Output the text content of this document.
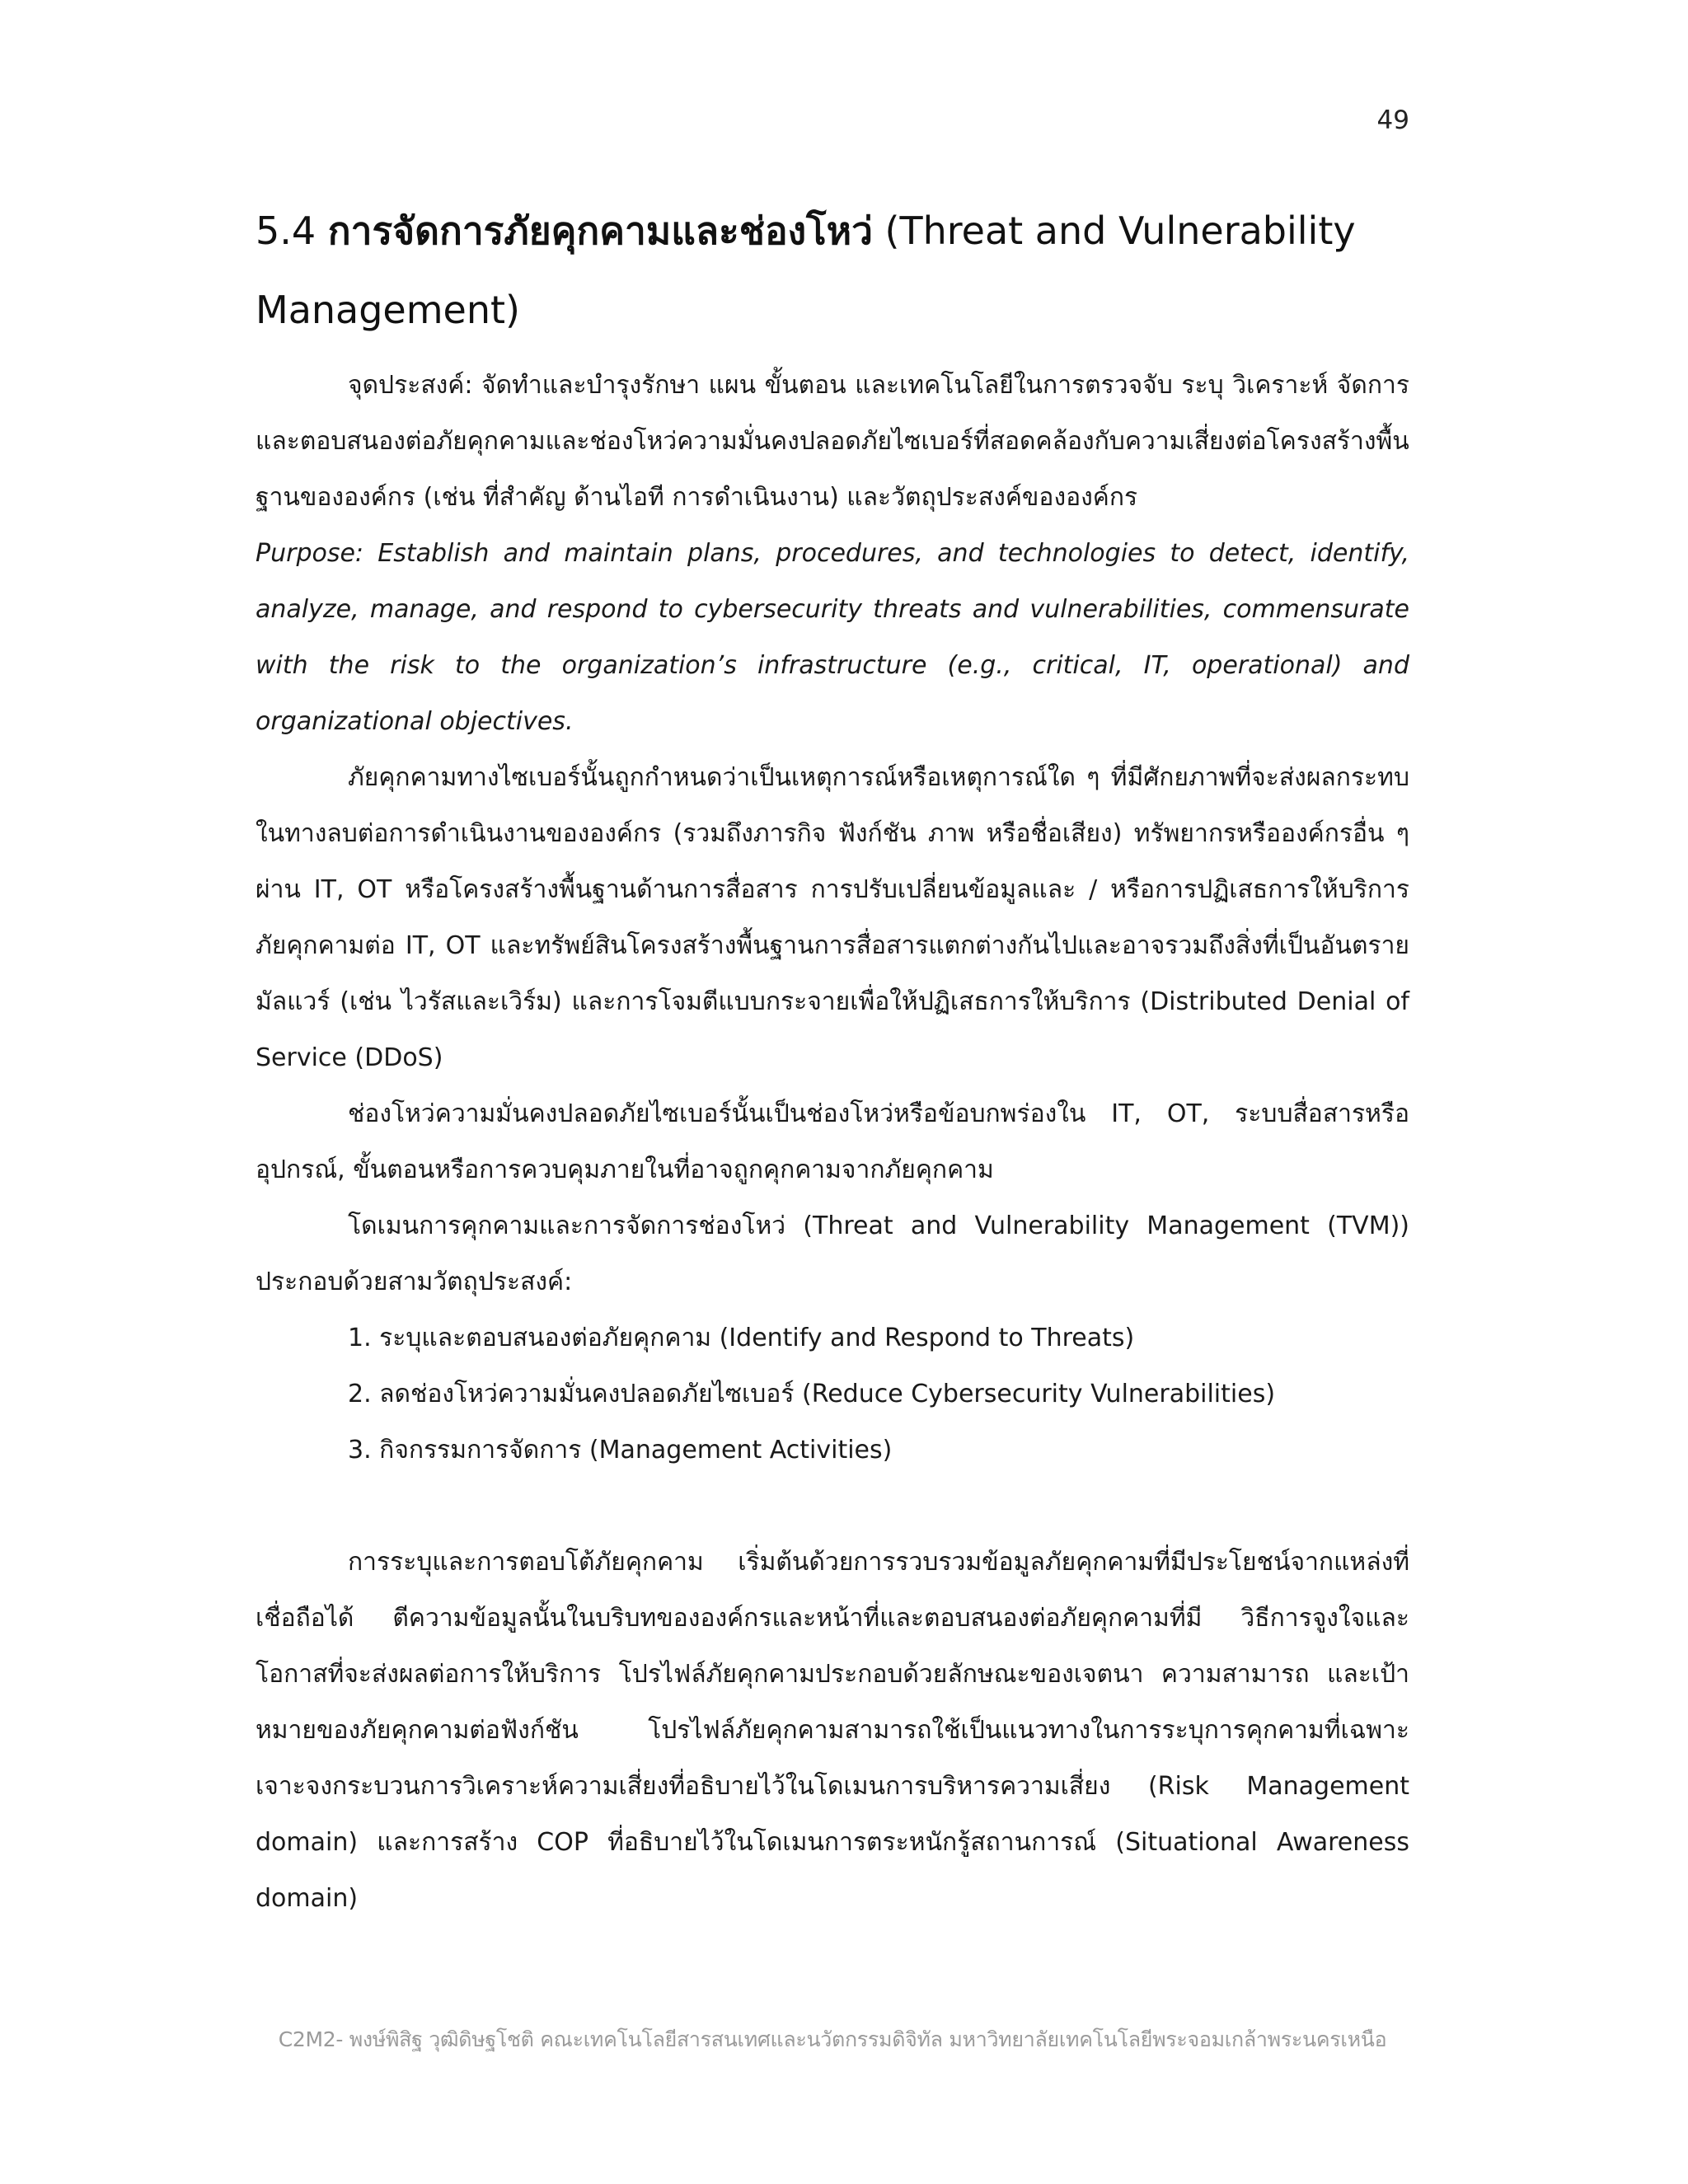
49
5.4 การจัดการภัยคุกคามและช่องโหว่ (Threat and Vulnerability Management)

จุดประสงค์: จัดทำและบำรุงรักษา แผน ขั้นตอน และเทคโนโลยีในการตรวจจับ ระบุ วิเคราะห์ จัดการและตอบสนองต่อภัยคุกคามและช่องโหว่ความมั่นคงปลอดภัยไซเบอร์ที่สอดคล้องกับความเสี่ยงต่อโครงสร้างพื้นฐานขององค์กร (เช่น ที่สำคัญ ด้านไอที การดำเนินงาน) และวัตถุประสงค์ขององค์กร

Purpose: Establish and maintain plans, procedures, and technologies to detect, identify, analyze, manage, and respond to cybersecurity threats and vulnerabilities, commensurate with the risk to the organization’s infrastructure (e.g., critical, IT, operational) and organizational objectives.

ภัยคุกคามทางไซเบอร์นั้นถูกกำหนดว่าเป็นเหตุการณ์หรือเหตุการณ์ใด ๆ ที่มีศักยภาพที่จะส่งผลกระทบในทางลบต่อการดำเนินงานขององค์กร (รวมถึงภารกิจ ฟังก์ชัน ภาพ หรือชื่อเสียง) ทรัพยากรหรือองค์กรอื่น ๆ ผ่าน IT, OT หรือโครงสร้างพื้นฐานด้านการสื่อสาร การปรับเปลี่ยนข้อมูลและ / หรือการปฏิเสธการให้บริการ ภัยคุกคามต่อ IT, OT และทรัพย์สินโครงสร้างพื้นฐานการสื่อสารแตกต่างกันไปและอาจรวมถึงสิ่งที่เป็นอันตราย มัลแวร์ (เช่น ไวรัสและเวิร์ม) และการโจมตีแบบกระจายเพื่อให้ปฏิเสธการให้บริการ (Distributed Denial of Service (DDoS)

ช่องโหว่ความมั่นคงปลอดภัยไซเบอร์นั้นเป็นช่องโหว่หรือข้อบกพร่องใน IT, OT, ระบบสื่อสารหรืออุปกรณ์, ขั้นตอนหรือการควบคุมภายในที่อาจถูกคุกคามจากภัยคุกคาม

โดเมนการคุกคามและการจัดการช่องโหว่ (Threat and Vulnerability Management (TVM)) ประกอบด้วยสามวัตถุประสงค์:

1. ระบุและตอบสนองต่อภัยคุกคาม (Identify and Respond to Threats)
2. ลดช่องโหว่ความมั่นคงปลอดภัยไซเบอร์ (Reduce Cybersecurity Vulnerabilities)
3. กิจกรรมการจัดการ (Management Activities)

การระบุและการตอบโต้ภัยคุกคาม เริ่มต้นด้วยการรวบรวมข้อมูลภัยคุกคามที่มีประโยชน์จากแหล่งที่เชื่อถือได้ ตีความข้อมูลนั้นในบริบทขององค์กรและหน้าที่และตอบสนองต่อภัยคุกคามที่มี วิธีการจูงใจและโอกาสที่จะส่งผลต่อการให้บริการ โปรไฟล์ภัยคุกคามประกอบด้วยลักษณะของเจตนา ความสามารถ และเป้าหมายของภัยคุกคามต่อฟังก์ชัน โปรไฟล์ภัยคุกคามสามารถใช้เป็นแนวทางในการระบุการคุกคามที่เฉพาะเจาะจงกระบวนการวิเคราะห์ความเสี่ยงที่อธิบายไว้ในโดเมนการบริหารความเสี่ยง (Risk Management domain) และการสร้าง COP ที่อธิบายไว้ในโดเมนการตระหนักรู้สถานการณ์ (Situational Awareness domain)

C2M2- พงษ์พิสิฐ วุฒิดิษฐโชติ คณะเทคโนโลยีสารสนเทศและนวัตกรรมดิจิทัล มหาวิทยาลัยเทคโนโลยีพระจอมเกล้าพระนครเหนือ
